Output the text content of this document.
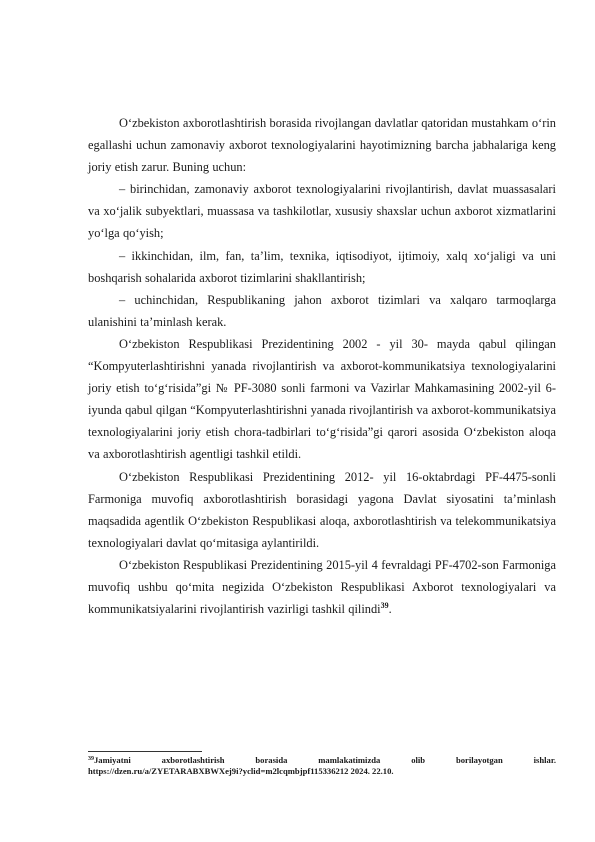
O‘zbekiston axborotlashtirish borasida rivojlangan davlatlar qatoridan mustahkam o‘rin egallashi uchun zamonaviy axborot texnologiyalarini hayotimizning barcha jabhalariga keng joriy etish zarur. Buning uchun:

– birinchidan, zamonaviy axborot texnologiyalarini rivojlantirish, davlat muassasalari va xo‘jalik subyektlari, muassasa va tashkilotlar, xususiy shaxslar uchun axborot xizmatlarini yo‘lga qo‘yish;

– ikkinchidan, ilm, fan, ta’lim, texnika, iqtisodiyot, ijtimoiy, xalq xo‘jaligi va uni boshqarish sohalarida axborot tizimlarini shakllantirish;

– uchinchidan, Respublikaning jahon axborot tizimlari va xalqaro tarmoqlarga ulanishini ta’minlash kerak.

O‘zbekiston Respublikasi Prezidentining 2002 - yil 30- mayda qabul qilingan “Kompyuterlashtirishni yanada rivojlantirish va axborot-kommunikatsiya texnologiyalarini joriy etish to‘g‘risida”gi № PF-3080 sonli farmoni va Vazirlar Mahkamasining 2002-yil 6-iyunda qabul qilgan “Kompyuterlashtirishni yanada rivojlantirish va axborot-kommunikatsiya texnologiyalarini joriy etish chora-tadbirlari to‘g‘risida”gi qarori asosida O‘zbekiston aloqa va axborotlashtirish agentligi tashkil etildi.

O‘zbekiston Respublikasi Prezidentining 2012- yil 16-oktabrdagi PF-4475-sonli Farmoniga muvofiq axborotlashtirish borasidagi yagona Davlat siyosatini ta’minlash maqsadida agentlik O‘zbekiston Respublikasi aloqa, axborotlashtirish va telekommunikatsiya texnologiyalari davlat qo‘mitasiga aylantirildi.

O‘zbekiston Respublikasi Prezidentining 2015-yil 4 fevraldagi PF-4702-son Farmoniga muvofiq ushbu qo‘mita negizida O‘zbekiston Respublikasi Axborot texnologiyalari va kommunikatsiyalarini rivojlantirish vazirligi tashkil qilindi$^{39}$.

$^{39}$Jamiyatni axborotlashtirish borasida mamlakatimizda olib borilayotgan ishlar.
https://dzen.ru/a/ZYETARABXBWXej9i?yclid=m2lcqmbjpf115336212 2024. 22.10.
